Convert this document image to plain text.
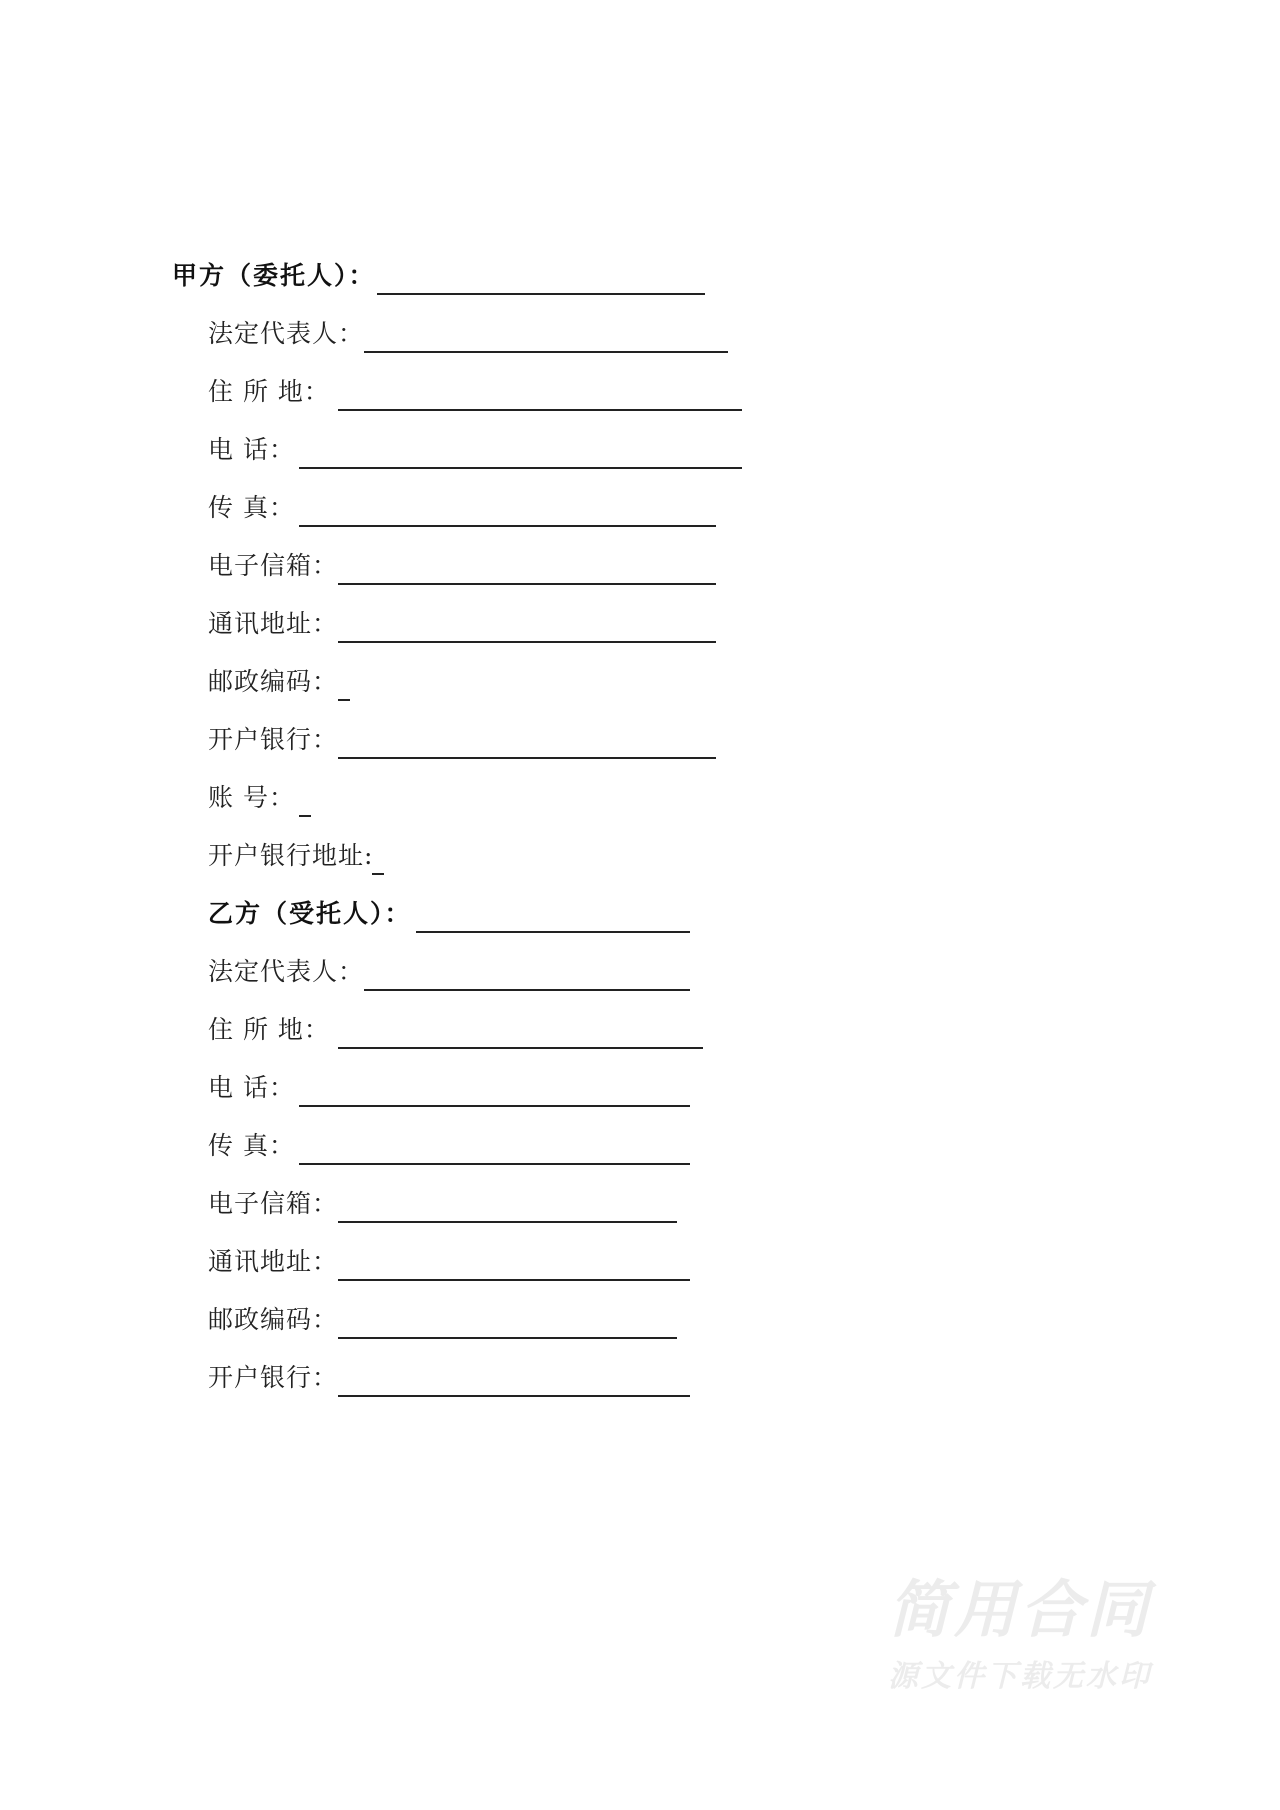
甲方（委托人）：
法定代表人：
住 所 地：
电 话：
传 真：
电子信箱：
通讯地址：
邮政编码：
开户银行：
账 号：
开户银行地址:
乙方（受托人）：
法定代表人：
住 所 地：
电 话：
传 真：
电子信箱：
通讯地址：
邮政编码：
开户银行：
简用合同
源文件下载无水印
